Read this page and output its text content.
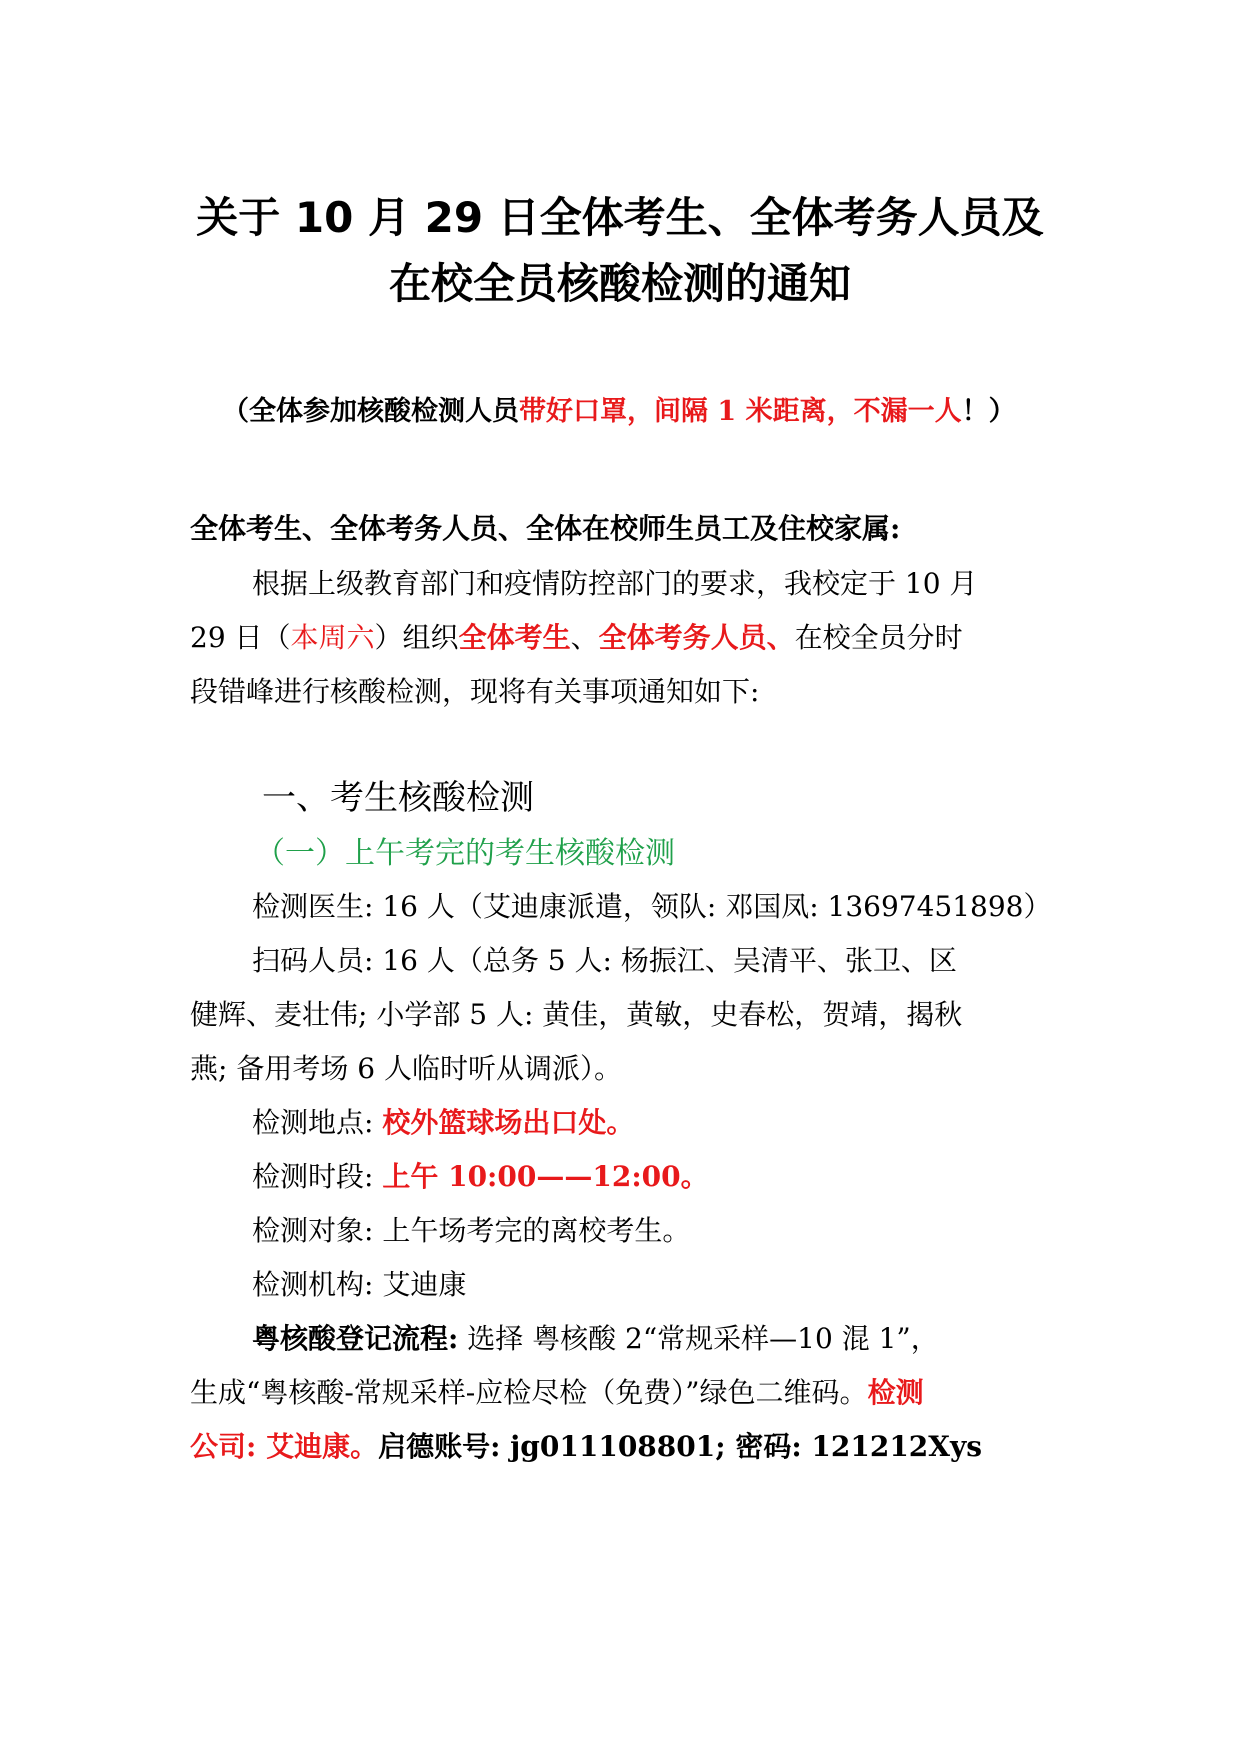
关于 10 月 29 日全体考生、全体考务人员及
在校全员核酸检测的通知
（全体参加核酸检测人员带好口罩，间隔 1 米距离，不漏一人！）
全体考生、全体考务人员、全体在校师生员工及住校家属:
根据上级教育部门和疫情防控部门的要求，我校定于 10 月
29 日（本周六）组织全体考生、全体考务人员、在校全员分时
段错峰进行核酸检测，现将有关事项通知如下:
一、考生核酸检测
（一）上午考完的考生核酸检测
检测医生: 16 人（艾迪康派遣，领队: 邓国凤: 13697451898）
扫码人员: 16 人（总务 5 人: 杨振江、吴清平、张卫、区
健辉、麦壮伟; 小学部 5 人: 黄佳，黄敏，史春松，贺靖，揭秋
燕; 备用考场 6 人临时听从调派）。
检测地点: 校外篮球场出口处。
检测时段: 上午 10:00——12:00。
检测对象: 上午场考完的离校考生。
检测机构: 艾迪康
粤核酸登记流程: 选择 粤核酸 2“常规采样—10 混 1”，
生成“粤核酸-常规采样-应检尽检（免费）”绿色二维码。检测
公司: 艾迪康。启德账号: jg011108801; 密码: 121212Xys
